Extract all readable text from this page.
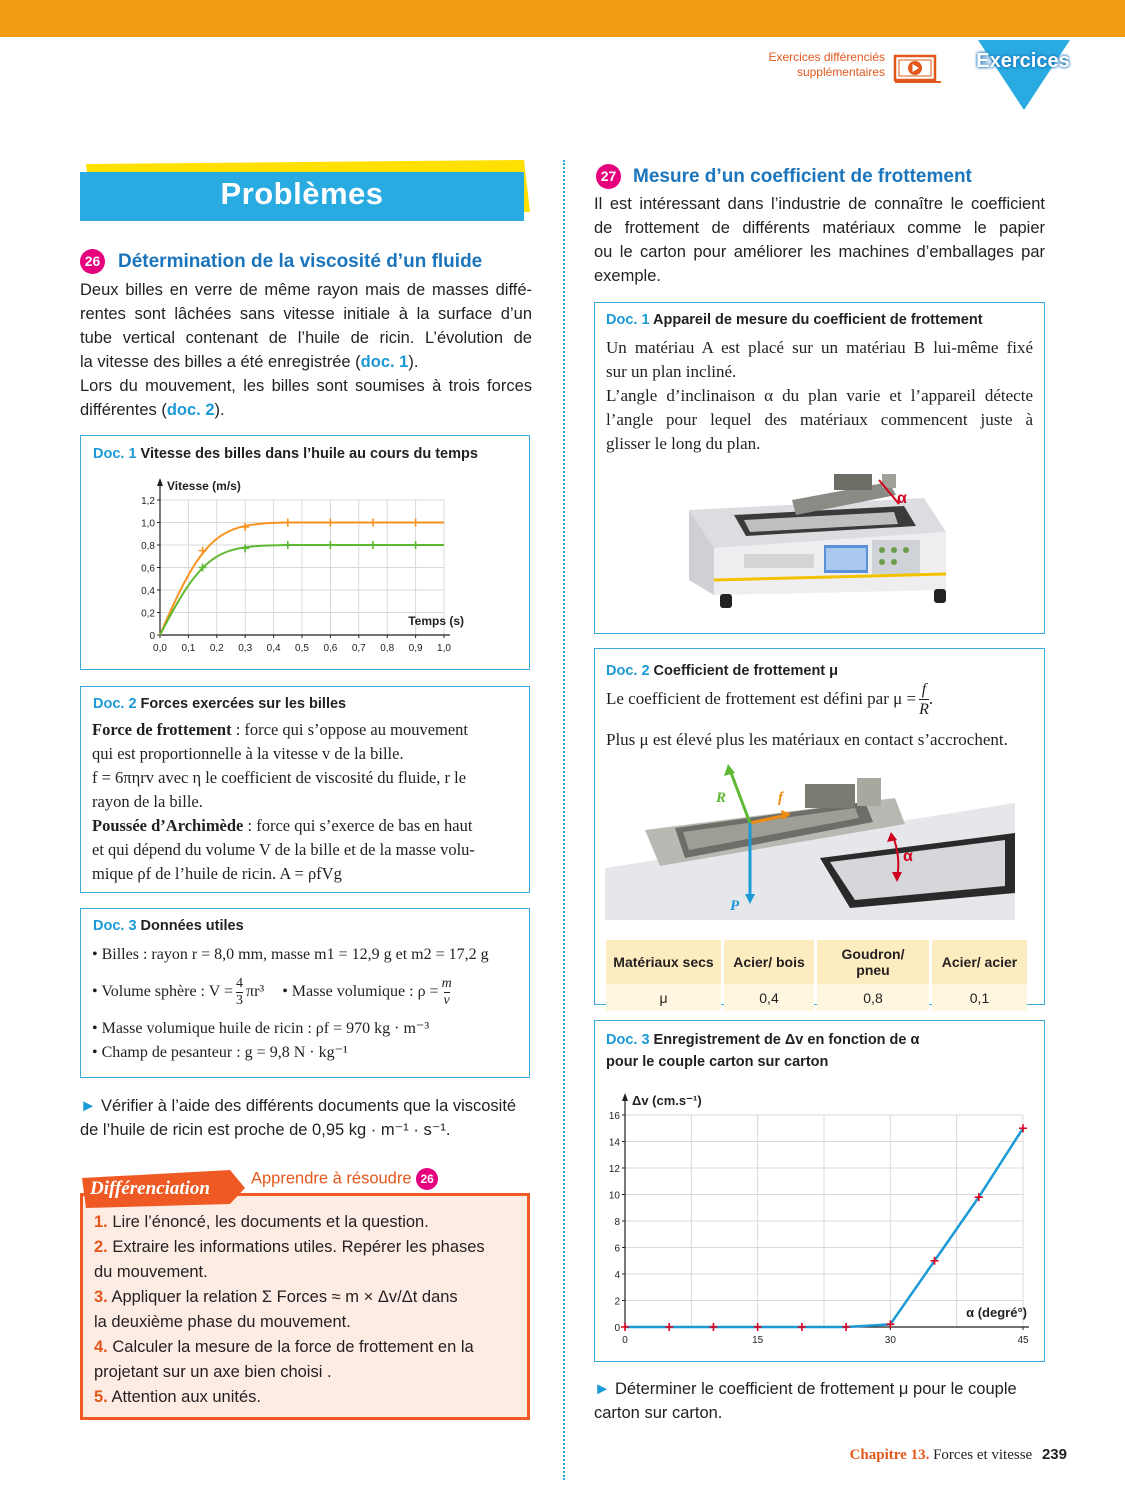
Exercices différenciés
supplémentaires	Exercices
Problèmes
26 Détermination de la viscosité d’un fluide
Deux billes en verre de même rayon mais de masses diffé-
rentes sont lâchées sans vitesse initiale à la surface d’un
tube vertical contenant de l’huile de ricin. L’évolution de
la vitesse des billes a été enregistrée (doc. 1).
Lors du mouvement, les billes sont soumises à trois forces
différentes (doc. 2).
Doc. 1 Vitesse des billes dans l’huile au cours du temps
0,0 0,1 0,2 0,3 0,4 0,5 0,6 0,7 0,8 0,9 1,0
0
0,2
0,4
0,6
0,8
1,0
1,2
Vitesse (m/s)
Temps (s)
Doc. 2 Forces exercées sur les billes
Force de frottement : force qui s’oppose au mouvement
qui est proportionnelle à la vitesse v de la bille.
f = 6πηrv avec η le coefficient de viscosité du fluide, r le
rayon de la bille.
Poussée d’Archimède : force qui s’exerce de bas en haut
et qui dépend du volume V de la bille et de la masse volu-
mique ρf de l’huile de ricin. A = ρfVg
Doc. 3 Données utiles
• Billes : rayon r = 8,0 mm, masse m1 = 12,9 g et m2 = 17,2 g
• Volume sphère : $V = \frac{4}{3} \pi r^3$ • Masse volumique : $\rho = \frac{m}{v}$
• Masse volumique huile de ricin : ρf = 970 kg · m⁻³
• Champ de pesanteur : g = 9,8 N · kg⁻¹
► Vérifier à l’aide des différents documents que la viscosité
de l’huile de ricin est proche de 0,95 kg · m⁻¹ · s⁻¹.
Différenciation Apprendre à résoudre 26
1. Lire l’énoncé, les documents et la question.
2. Extraire les informations utiles. Repérer les phases
du mouvement.
3. Appliquer la relation Σ Forces ≈ m × Δv/Δt dans
la deuxième phase du mouvement.
4. Calculer la mesure de la force de frottement en la
projetant sur un axe bien choisi .
5. Attention aux unités.
27 Mesure d’un coefficient de frottement
Il est intéressant dans l’industrie de connaître le coefficient
de frottement de différents matériaux comme le papier
ou le carton pour améliorer les machines d’emballages par
exemple.
Doc. 1 Appareil de mesure du coefficient de frottement
Un matériau A est placé sur un matériau B lui-même fixé
sur un plan incliné.
L’angle d’inclinaison α du plan varie et l’appareil détecte
l’angle pour lequel des matériaux commencent juste à
glisser le long du plan.
α
Doc. 2 Coefficient de frottement μ
Le coefficient de frottement est défini par $\mu = \frac{f}{R}$ .
Plus μ est élevé plus les matériaux en contact s’accrochent.
R	f
P
α
Matériaux secs	Acier/ bois	Goudron/ pneu	Acier/ acier
μ	0,4	0,8	0,1
Doc. 3 Enregistrement de Δv en fonction de α
pour le couple carton sur carton
0	15	30	45
0
2
4
6
8
10
12
14
16
Δv (cm.s⁻¹)
α (degré°)
► Déterminer le coefficient de frottement μ pour le couple
carton sur carton.
Chapitre 13. Forces et vitesse 239
